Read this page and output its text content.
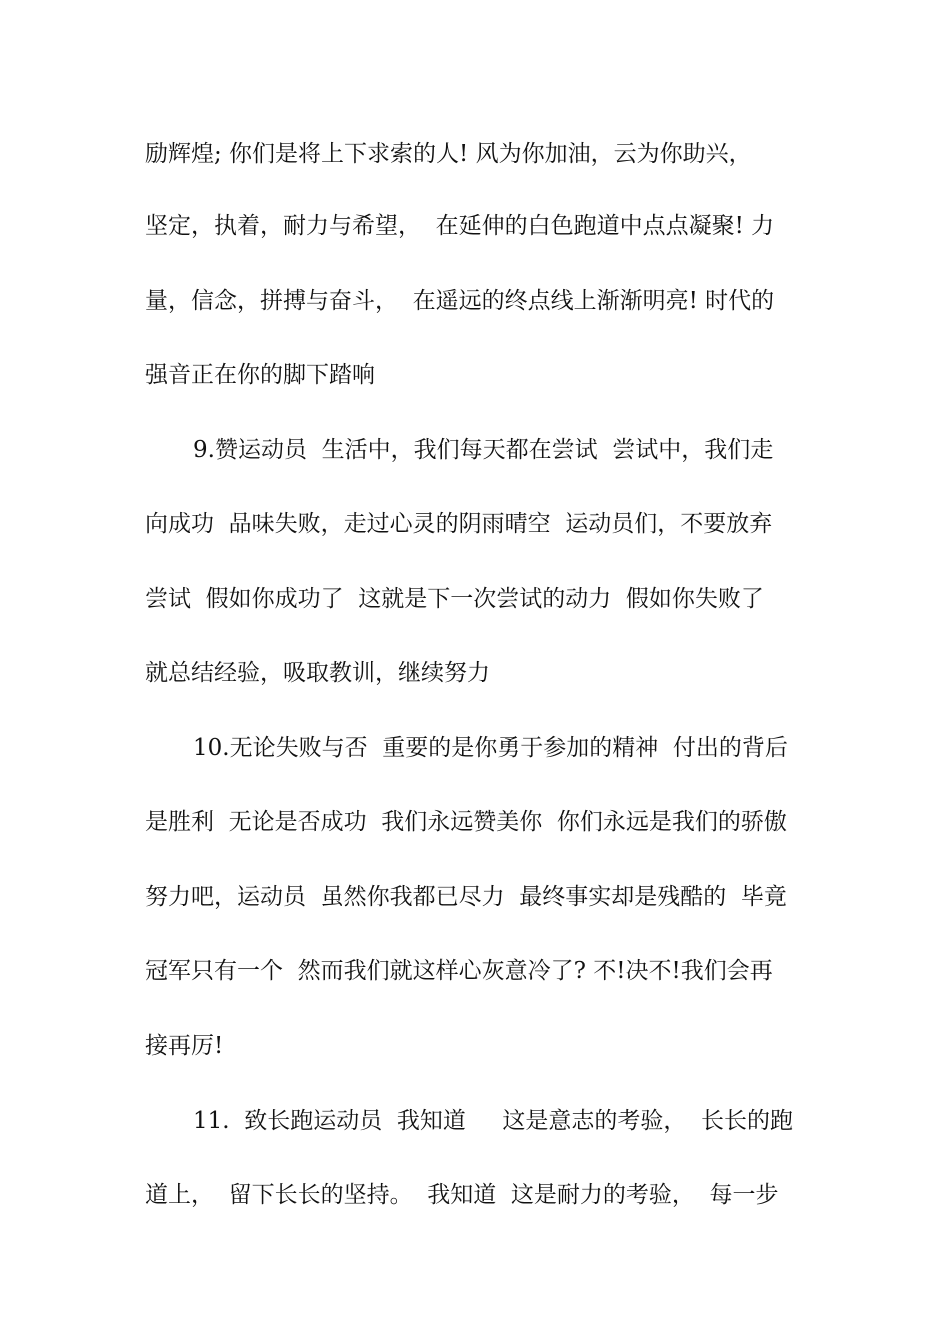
励辉煌; 你们是将上下求索的人! 风为你加油，云为你助兴，
坚定，执着，耐力与希望，  在延伸的白色跑道中点点凝聚! 力
量，信念，拼搏与奋斗，  在遥远的终点线上渐渐明亮! 时代的
强音正在你的脚下踏响
9.赞运动员  生活中，我们每天都在尝试  尝试中，我们走
向成功  品味失败，走过心灵的阴雨晴空  运动员们，不要放弃
尝试  假如你成功了  这就是下一次尝试的动力  假如你失败了
就总结经验，吸取教训，继续努力
10.无论失败与否  重要的是你勇于参加的精神  付出的背后
是胜利  无论是否成功  我们永远赞美你  你们永远是我们的骄傲
努力吧，运动员  虽然你我都已尽力  最终事实却是残酷的  毕竟
冠军只有一个  然而我们就这样心灰意冷了? 不!决不!我们会再
接再厉!
11.  致长跑运动员  我知道     这是意志的考验，  长长的跑
道上，  留下长长的坚持。  我知道  这是耐力的考验，  每一步
